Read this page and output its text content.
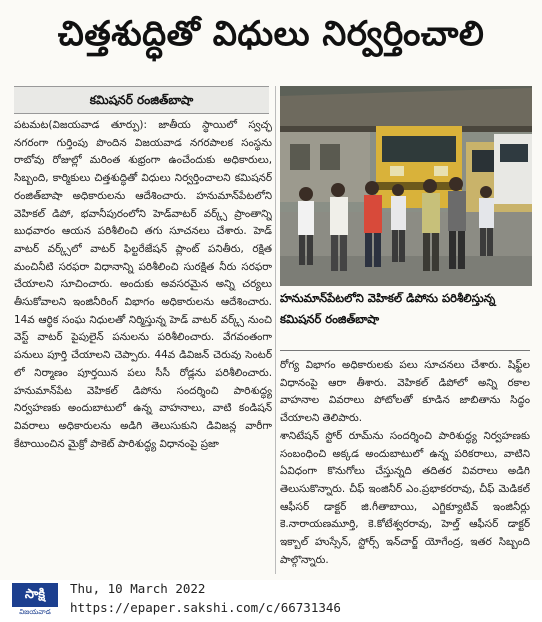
చిత్తశుద్ధితో విధులు నిర్వర్తించాలి
కమిషనర్‌ రంజిత్‌బాషా

పటమట(విజయవాడ తూర్పు): జాతీయ స్థాయిలో స్వచ్ఛ నగరంగా గుర్తింపు పొందిన విజయవాడ నగరపాలక సంస్థను రాబోవు రోజుల్లో మరింత శుభ్రంగా ఉంచేందుకు అధికారులు, సిబ్బంది, కార్మికులు చిత్తశుద్ధితో విధులు నిర్వర్తించాలని కమిషనర్‌ రంజిత్‌బాషా అధికారులను ఆదేశించారు. హనుమాన్‌పేటలోని వెహికల్‌ డిపో, భవానీపురంలోని హెడ్‌వాటర్‌ వర్క్స్‌ ప్రాంతాన్ని బుధవారం ఆయన పరిశీలించి తగు సూచనలు చేశారు. హెడ్‌ వాటర్‌ వర్క్స్‌లో వాటర్‌ ఫిల్టరేజేషన్‌ ప్లాంట్‌ పనితీరు, రక్షిత మంచినీటి సరఫరా విధానాన్ని పరిశీలించి సురక్షిత నీరు సరఫరా చేయాలని సూచించారు. అందుకు అవసరమైన అన్ని చర్యలు తీసుకోవాలని ఇంజినీరింగ్‌ విభాగం అధికారులను ఆదేశించారు. 14వ ఆర్థిక సంఘ నిధులతో నిర్మిస్తున్న హెడ్‌ వాటర్‌ వర్క్స్‌ నుంచి వెస్ట్‌ వాటర్‌ పైపులైన్‌ పనులను పరిశీలించారు. వేగవంతంగా పనులు పూర్తి చేయాలని చెప్పారు. 44వ డివిజన్‌ చెరువు సెంటర్‌ లో నిర్మాణం పూర్తయిన పలు సీసీ రోడ్లను పరిశీలించారు. హనుమాన్‌పేట వెహికల్‌ డిపోను సందర్శించి పారిశుద్ధ్య నిర్వహణకు అందుబాటులో ఉన్న వాహనాలు, వాటి కండిషన్‌ వివరాలు అధికారులను అడిగి తెలుసుకుని డివిజన్ల వారీగా కేటాయించిన మైక్రో పాకెట్‌ పారిశుద్ధ్య విధానంపై ప్రజా

హనుమాన్‌పేటలోని వెహికల్‌ డిపోను పరిశీలిస్తున్న కమిషనర్‌ రంజిత్‌బాషా

రోగ్య విభాగం అధికారులకు పలు సూచనలు చేశారు. షిఫ్ట్‌ల విధానంపై ఆరా తీశారు. వెహికల్‌ డిపోలో అన్ని రకాల వాహనాల వివరాలు పోటోలతో కూడిన జాబితాను సిద్ధం చేయాలని తెలిపారు.

శానిటేషన్‌ స్టోర్‌ రూమ్‌ను సందర్శించి పారిశుద్ధ్య నిర్వహణకు సంబంధించి అక్కడ అందుబాటులో ఉన్న పరికరాలు, వాటిని ఏవిధంగా కొనుగోలు చేస్తున్నది తదితర వివరాలు అడిగి తెలుసుకొన్నారు. చీఫ్‌ ఇంజినీర్‌ ఎం.ప్రభాకరరావు, చీఫ్‌ మెడికల్‌ ఆఫీసర్‌ డాక్టర్‌ జి.గీతాబాయి, ఎగ్జిక్యూటివ్‌ ఇంజినీర్లు కె.నారాయణమూర్తి, కె.కోటేశ్వరరావు, హెల్త్‌ ఆఫీసర్‌ డాక్టర్‌ ఇక్బాల్‌ హుస్సేన్‌, స్టోర్స్‌ ఇన్‌చార్జ్‌ యోగేంద్ర, ఇతర సిబ్బంది పాల్గొన్నారు.

సాక్షి
విజయవాడ
Thu, 10 March 2022
https://epaper.sakshi.com/c/66731346
